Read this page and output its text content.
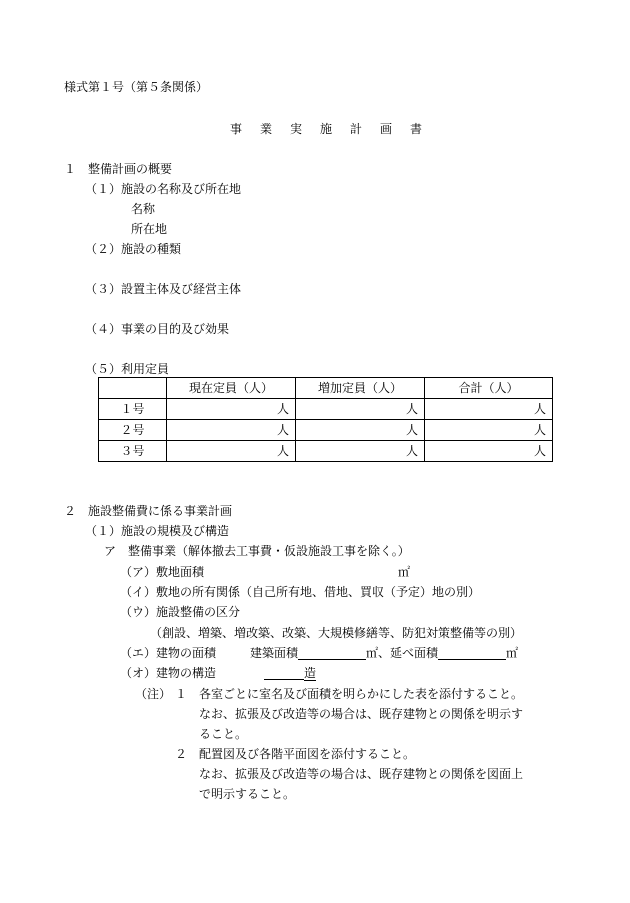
様式第１号（第５条関係）
事 業 実 施 計 画 書
１　整備計画の概要
（１）施設の名称及び所在地
名称
所在地
（２）施設の種類
（３）設置主体及び経営主体
（４）事業の目的及び効果
（５）利用定員
	現在定員（人）	増加定員（人）	合計（人）
１号	人	人	人
２号	人	人	人
３号	人	人	人
２　施設整備費に係る事業計画
（１）施設の規模及び構造
ア　整備事業（解体撤去工事費・仮設施設工事を除く。）
（ア）敷地面積	㎡
（イ）敷地の所有関係（自己所有地、借地、買収（予定）地の別）
（ウ）施設整備の区分
（創設、増築、増改築、改築、大規模修繕等、防犯対策整備等の別）
（エ）建物の面積	建築面積	㎡、延べ面積	㎡
（オ）建物の構造	造
（注） １ 各室ごとに室名及び面積を明らかにした表を添付すること。
なお、拡張及び改造等の場合は、既存建物との関係を明示す
ること。
２ 配置図及び各階平面図を添付すること。
なお、拡張及び改造等の場合は、既存建物との関係を図面上
で明示すること。
